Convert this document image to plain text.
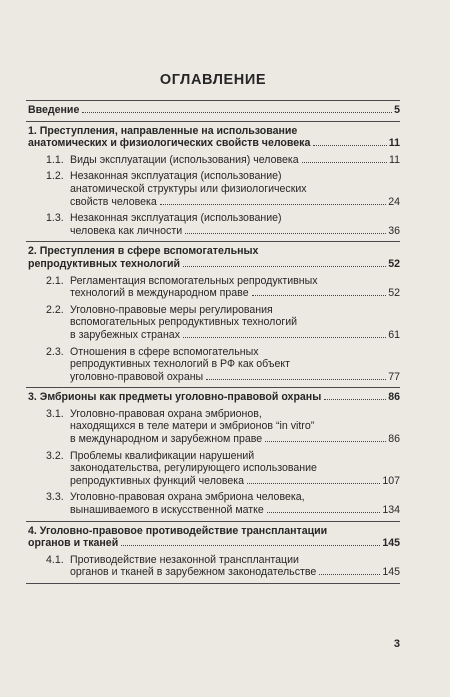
ОГЛАВЛЕНИЕ
Введение	5
1. Преступления, направленные на использование
анатомических и физиологических свойств человека	11
1.1. Виды эксплуатации (использования) человека	11
1.2. Незаконная эксплуатация (использование)
анатомической структуры или физиологических
свойств человека	24
1.3. Незаконная эксплуатация (использование)
человека как личности	36
2. Преступления в сфере вспомогательных
репродуктивных технологий	52
2.1. Регламентация вспомогательных репродуктивных
технологий в международном праве	52
2.2. Уголовно-правовые меры регулирования
вспомогательных репродуктивных технологий
в зарубежных странах	61
2.3. Отношения в сфере вспомогательных
репродуктивных технологий в РФ как объект
уголовно-правовой охраны	77
3. Эмбрионы как предметы уголовно-правовой охраны	86
3.1. Уголовно-правовая охрана эмбрионов,
находящихся в теле матери и эмбрионов “in vitro”
в международном и зарубежном праве	86
3.2. Проблемы квалификации нарушений
законодательства, регулирующего использование
репродуктивных функций человека	107
3.3. Уголовно-правовая охрана эмбриона человека,
вынашиваемого в искусственной матке	134
4. Уголовно-правовое противодействие трансплантации
органов и тканей	145
4.1. Противодействие незаконной трансплантации
органов и тканей в зарубежном законодательстве	145
3
